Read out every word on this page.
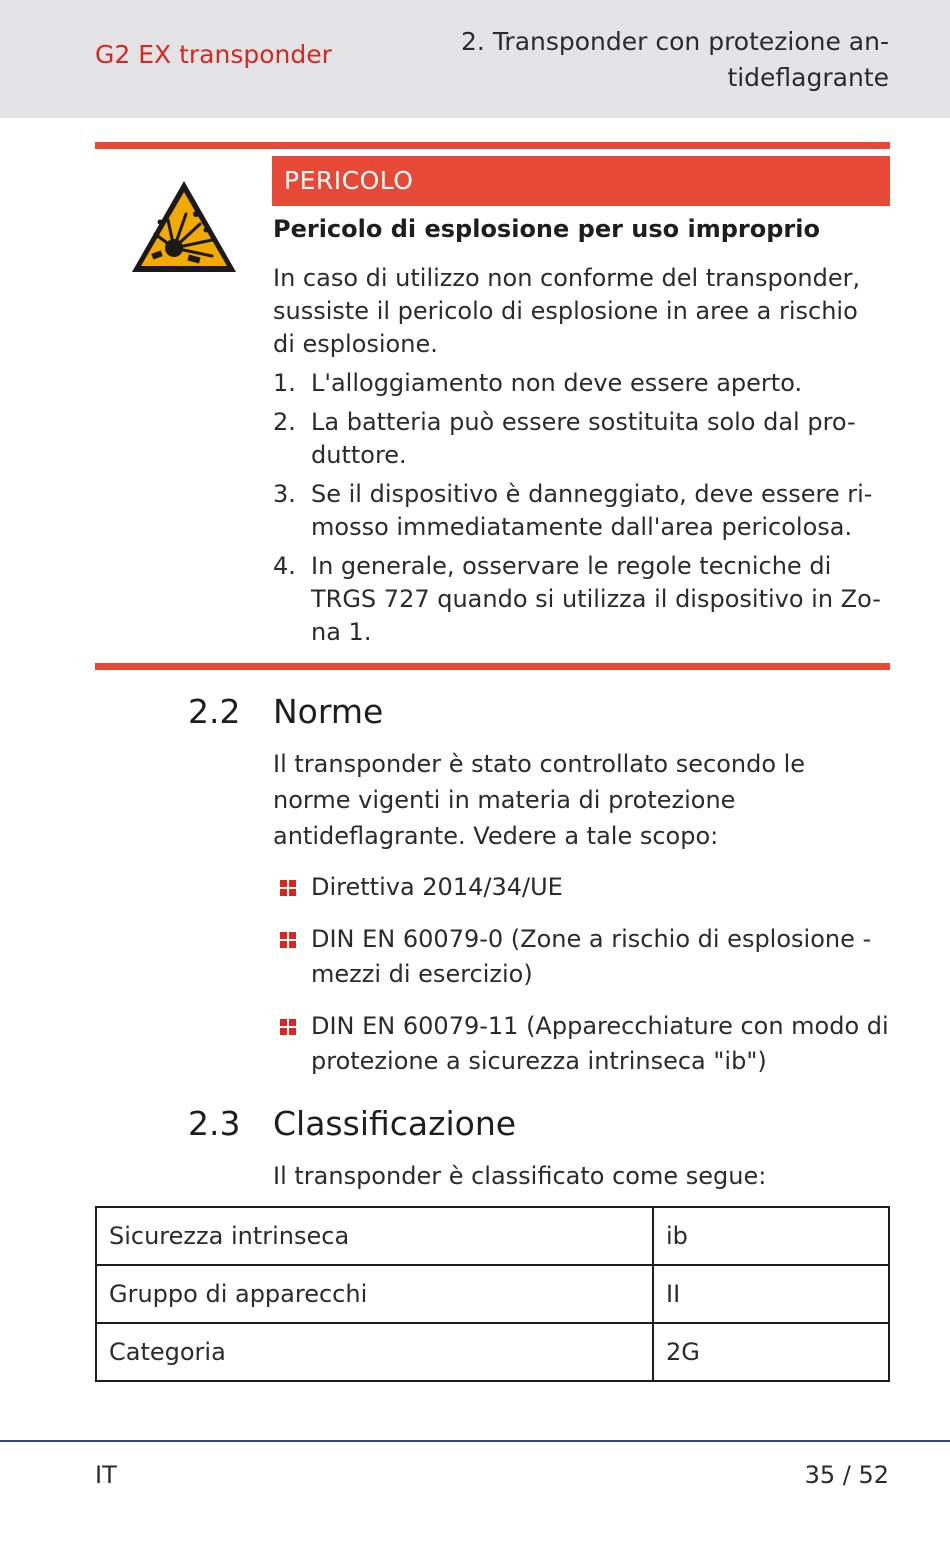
G2 EX transponder	2. Transponder con protezione an-
tideflagrante
PERICOLO
Pericolo di esplosione per uso improprio

In caso di utilizzo non conforme del transponder, sussiste il pericolo di esplosione in aree a rischio di esplosione.

1. L'alloggiamento non deve essere aperto.
2. La batteria può essere sostituita solo dal pro-duttore.
3. Se il dispositivo è danneggiato, deve essere ri-mosso immediatamente dall'area pericolosa.
4. In generale, osservare le regole tecniche di TRGS 727 quando si utilizza il dispositivo in Zo-na 1.
2.2 Norme

Il transponder è stato controllato secondo le norme vigenti in materia di protezione antideflagrante. Vedere a tale scopo:

Direttiva 2014/34/UE
DIN EN 60079-0 (Zone a rischio di esplosione - mezzi di esercizio)
DIN EN 60079-11 (Apparecchiature con modo di protezione a sicurezza intrinseca "ib")
2.3 Classificazione

Il transponder è classificato come segue:

Sicurezza intrinseca	ib
Gruppo di apparecchi	II
Categoria	2G
IT	35 / 52
